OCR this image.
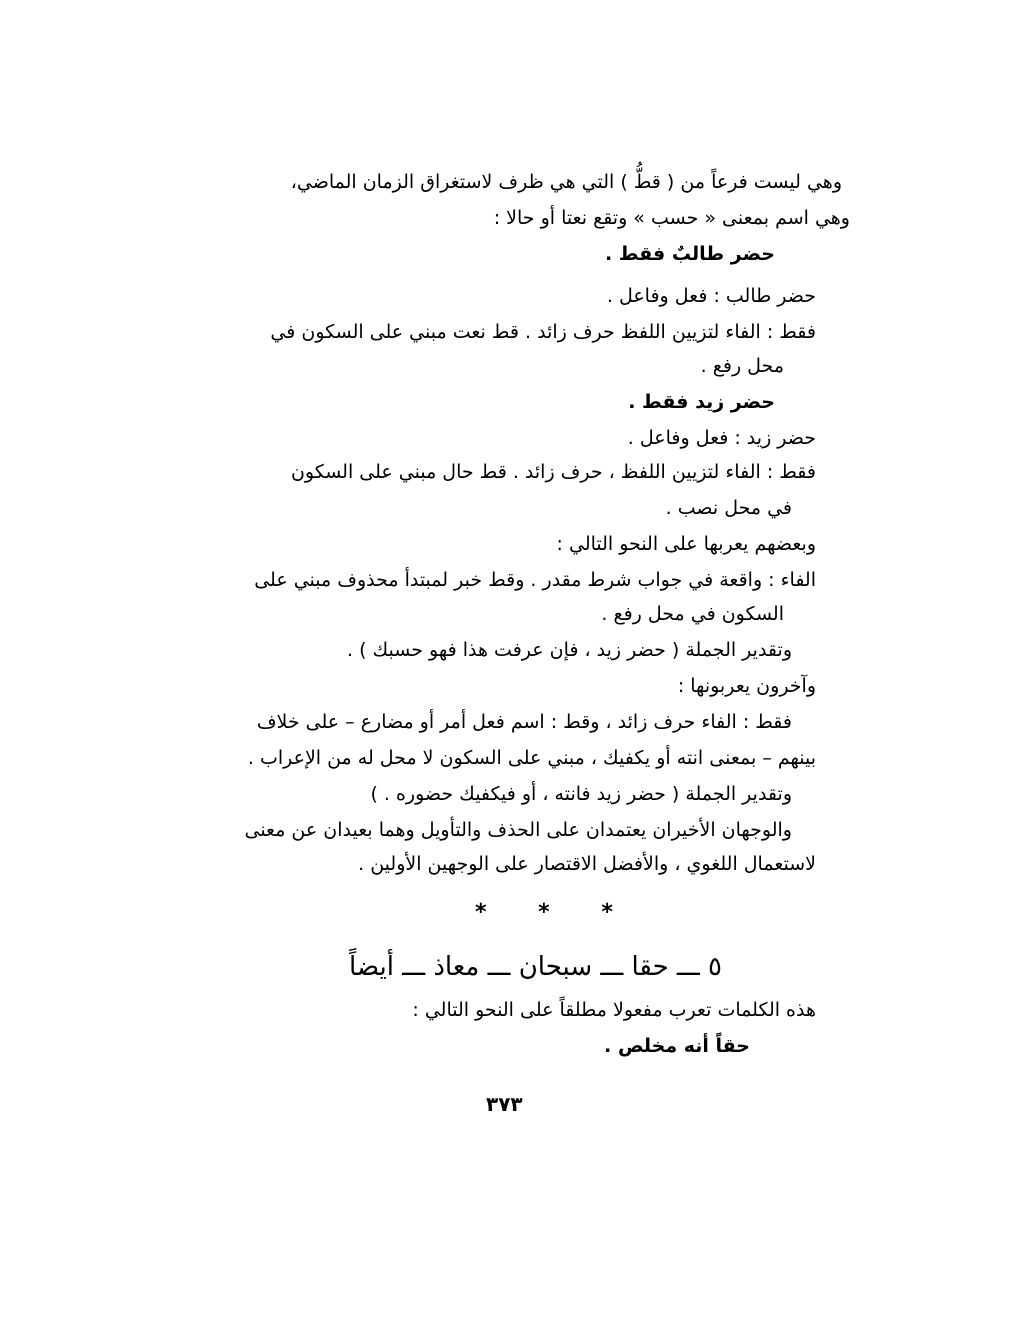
وهي ليست فرعاً من ( قطُّ ) التي هي ظرف لاستغراق الزمان الماضي،
وهي اسم بمعنى « حسب » وتقع نعتا أو حالا :
حضر طالبٌ فقط .
حضر طالب : فعل وفاعل .
فقط : الفاء لتزيين اللفظ حرف زائد . قط نعت مبني على السكون في
محل رفع .
حضر زيد فقط .
حضر زيد : فعل وفاعل .
فقط : الفاء لتزيين اللفظ ، حرف زائد . قط حال مبني على السكون
في محل نصب .
وبعضهم يعربها على النحو التالي :
الفاء : واقعة في جواب شرط مقدر . وقط خبر لمبتدأ محذوف مبني على
السكون في محل رفع .
وتقدير الجملة ( حضر زيد ، فإن عرفت هذا فهو حسبك ) .
وآخرون يعربونها :
فقط : الفاء حرف زائد ، وقط : اسم فعل أمر أو مضارع – على خلاف
بينهم – بمعنى انته أو يكفيك ، مبني على السكون لا محل له من الإعراب .
وتقدير الجملة ( حضر زيد فانته ، أو فيكفيك حضوره . )
والوجهان الأخيران يعتمدان على الحذف والتأويل وهما بعيدان عن معنى
لاستعمال اللغوي ، والأفضل الاقتصار على الوجهين الأولين .
* * *
٥ ـــ حقا ـــ سبحان ـــ معاذ ـــ أيضاً
هذه الكلمات تعرب مفعولا مطلقاً على النحو التالي :
حقاً أنه مخلص .
٣٧٣
